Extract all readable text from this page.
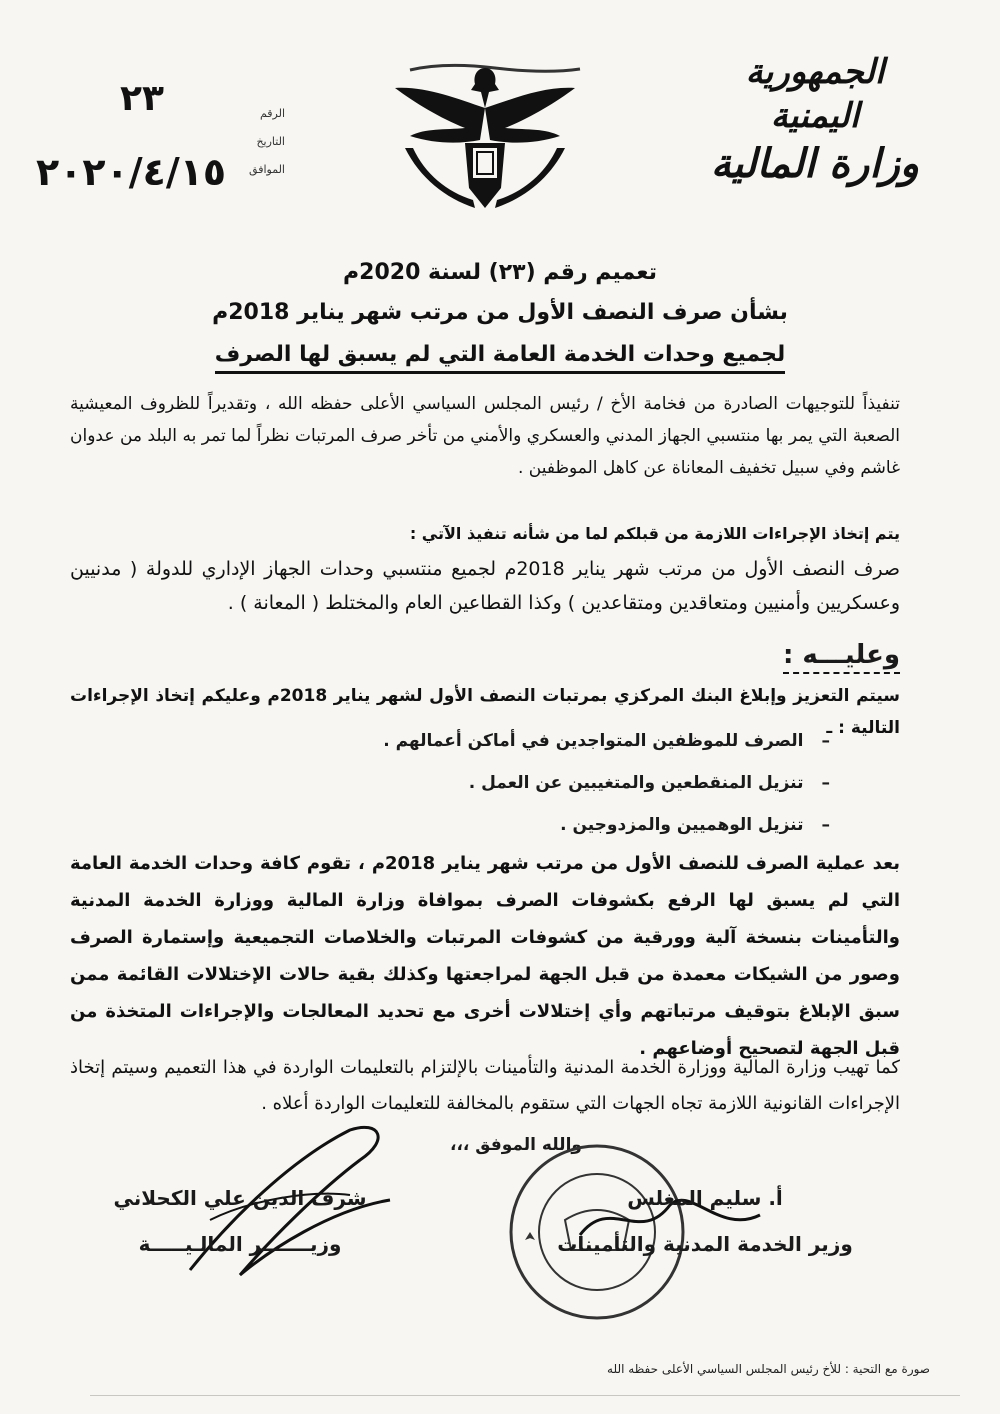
الجمهورية اليمنية
وزارة المالية
الرقم
التاريخ
الموافق
٢٣
٢٠٢٠/٤/١٥
تعميم رقم (٢٣) لسنة 2020م
بشأن صرف النصف الأول من مرتب شهر يناير 2018م
لجميع وحدات الخدمة العامة التي لم يسبق لها الصرف
تنفيذاً للتوجيهات الصادرة من فخامة الأخ / رئيس المجلس السياسي الأعلى حفظه الله ، وتقديراً للظروف المعيشية الصعبة التي يمر بها منتسبي الجهاز المدني والعسكري والأمني من تأخر صرف المرتبات نظراً لما تمر به البلد من عدوان غاشم وفي سبيل تخفيف المعاناة عن كاهل الموظفين .
يتم إتخاذ الإجراءات اللازمة من قبلكم لما من شأنه تنفيذ الآتي :
صرف النصف الأول من مرتب شهر يناير 2018م لجميع منتسبي وحدات الجهاز الإداري للدولة ( مدنيين وعسكريين وأمنيين ومتعاقدين ومتقاعدين ) وكذا القطاعين العام والمختلط ( المعانة ) .
وعليـــه :
سيتم التعزيز وإبلاغ البنك المركزي بمرتبات النصف الأول لشهر يناير 2018م وعليكم إتخاذ الإجراءات التالية : ـ
–الصرف للموظفين المتواجدين في أماكن أعمالهم .
–تنزيل المنقطعين والمتغيبين عن العمل .
–تنزيل الوهميين والمزدوجين .
بعد عملية الصرف للنصف الأول من مرتب شهر يناير 2018م ، تقوم كافة وحدات الخدمة العامة التي لم يسبق لها الرفع بكشوفات الصرف بموافاة وزارة المالية ووزارة الخدمة المدنية والتأمينات بنسخة آلية وورقية من كشوفات المرتبات والخلاصات التجميعية وإستمارة الصرف وصور من الشيكات معمدة من قبل الجهة لمراجعتها وكذلك بقية حالات الإختلالات القائمة ممن سبق الإبلاغ بتوقيف مرتباتهم وأي إختلالات أخرى مع تحديد المعالجات والإجراءات المتخذة من قبل الجهة لتصحيح أوضاعهم .
كما تهيب وزارة المالية ووزارة الخدمة المدنية والتأمينات بالإلتزام بالتعليمات الواردة في هذا التعميم وسيتم إتخاذ الإجراءات القانونية اللازمة تجاه الجهات التي ستقوم بالمخالفة للتعليمات الواردة أعلاه .
والله الموفق ،،،
شرف الدين علي الكحلاني
وزيـــــــر المالـيـــــة
أ. سليم المغلس
وزير الخدمة المدنية والتأمينات
صورة مع التحية : للأخ رئيس المجلس السياسي الأعلى حفظه الله
